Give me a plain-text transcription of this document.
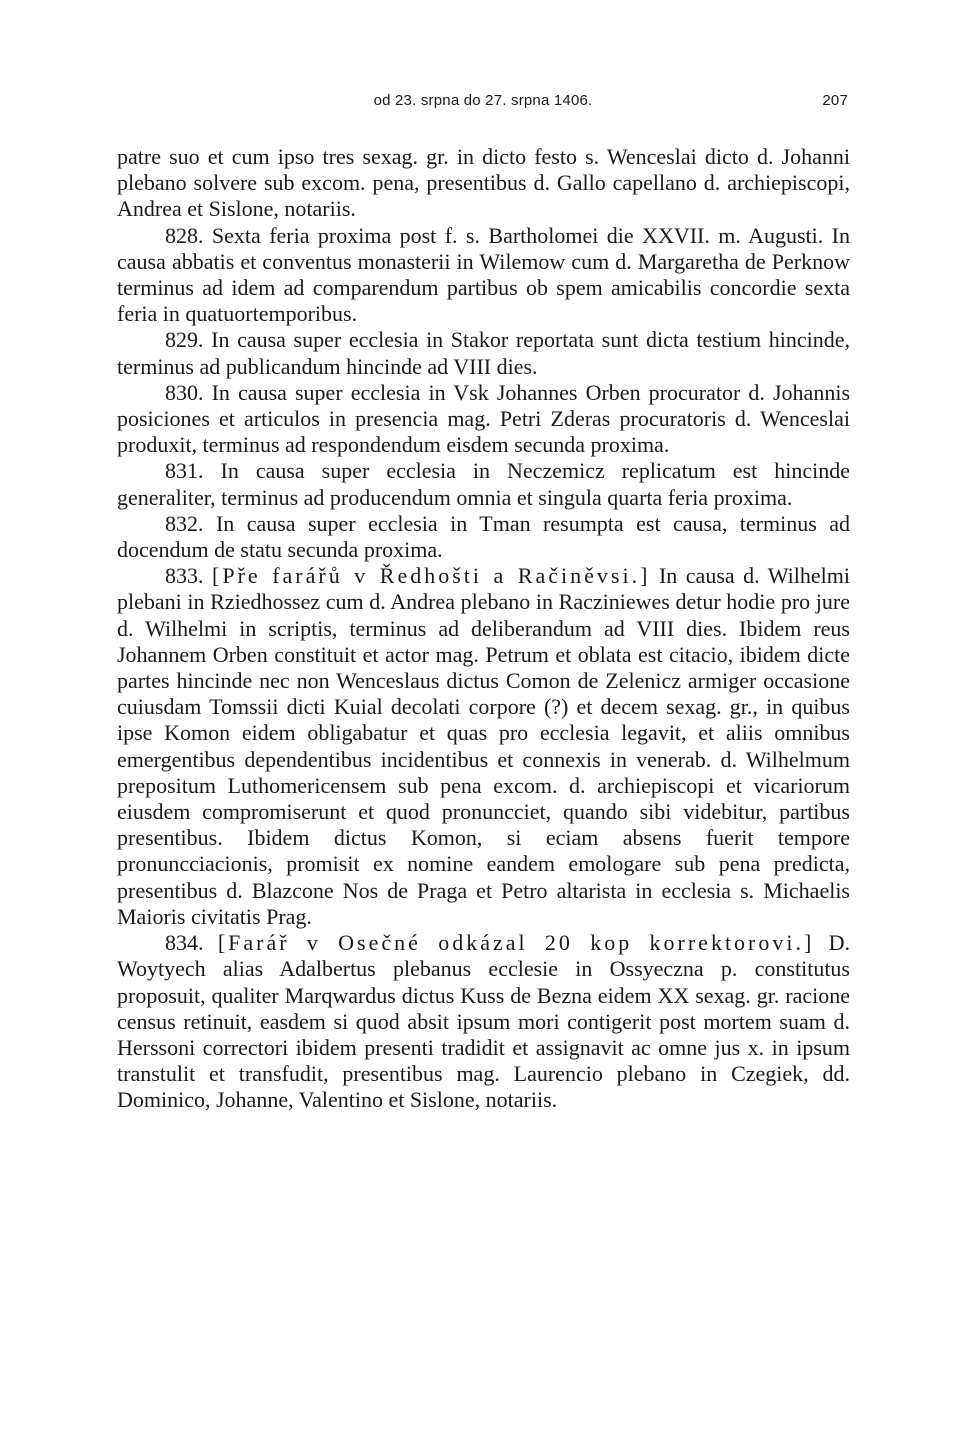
od 23. srpna do 27. srpna 1406.	207

patre suo et cum ipso tres sexag. gr. in dicto festo s. Wenceslai dicto d. Johanni plebano solvere sub excom. pena, presentibus d. Gallo capellano d. archiepiscopi, Andrea et Sislone, notariis.

828. Sexta feria proxima post f. s. Bartholomei die XXVII. m. Augusti. In causa abbatis et conventus monasterii in Wilemow cum d. Margaretha de Perknow terminus ad idem ad comparendum partibus ob spem amicabilis concordie sexta feria in quatuortemporibus.

829. In causa super ecclesia in Stakor reportata sunt dicta testium hincinde, terminus ad publicandum hincinde ad VIII dies.

830. In causa super ecclesia in Vsk Johannes Orben procurator d. Johannis posiciones et articulos in presencia mag. Petri Zderas procuratoris d. Wenceslai produxit, terminus ad respondendum eisdem secunda proxima.

831. In causa super ecclesia in Neczemicz replicatum est hincinde generaliter, terminus ad producendum omnia et singula quarta feria proxima.

832. In causa super ecclesia in Tman resumpta est causa, terminus ad docendum de statu secunda proxima.

833. [Pře farářů v Ředhošti a Račiněvsi.] In causa d. Wilhelmi plebani in Rziedhossez cum d. Andrea plebano in Racziniewes detur hodie pro jure d. Wilhelmi in scriptis, terminus ad deliberandum ad VIII dies. Ibidem reus Johannem Orben constituit et actor mag. Petrum et oblata est citacio, ibidem dicte partes hincinde nec non Wenceslaus dictus Comon de Zelenicz armiger occasione cuiusdam Tomssii dicti Kuial decolati corpore (?) et decem sexag. gr., in quibus ipse Komon eidem obligabatur et quas pro ecclesia legavit, et aliis omnibus emergentibus dependentibus incidentibus et connexis in venerab. d. Wilhelmum prepositum Luthomericensem sub pena excom. d. archiepiscopi et vicariorum eiusdem compromiserunt et quod pronuncciet, quando sibi videbitur, partibus presentibus. Ibidem dictus Komon, si eciam absens fuerit tempore pronuncciacionis, promisit ex nomine eandem emologare sub pena predicta, presentibus d. Blazcone Nos de Praga et Petro altarista in ecclesia s. Michaelis Maioris civitatis Prag.

834. [Farář v Osečné odkázal 20 kop korrektorovi.] D. Woytyech alias Adalbertus plebanus ecclesie in Ossyeczna p. constitutus proposuit, qualiter Marqwardus dictus Kuss de Bezna eidem XX sexag. gr. racione census retinuit, easdem si quod absit ipsum mori contigerit post mortem suam d. Herssoni correctori ibidem presenti tradidit et assignavit ac omne jus x. in ipsum transtulit et transfudit, presentibus mag. Laurencio plebano in Czegiek, dd. Dominico, Johanne, Valentino et Sislone, notariis.
